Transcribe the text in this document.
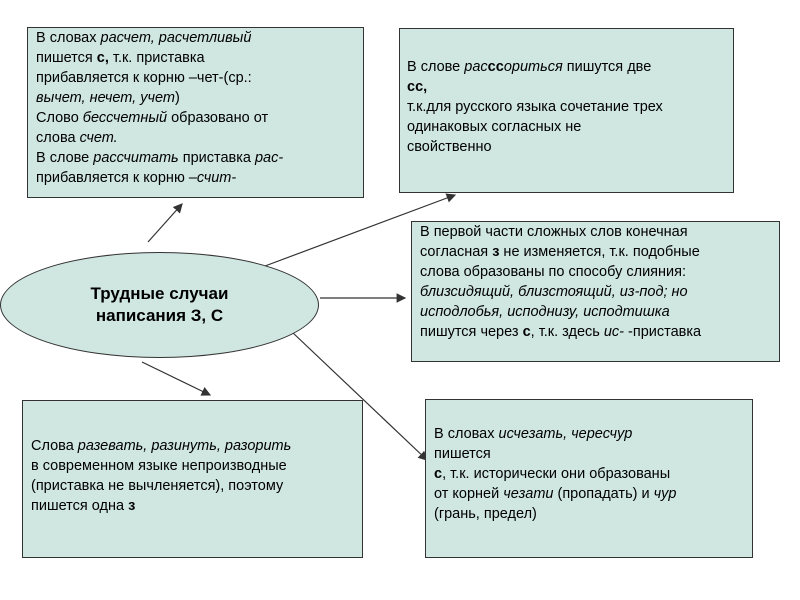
В словах расчет, расчетливый
пишется с, т.к. приставка
прибавляется к корню –чет-(ср.:
вычет, нечет, учет)
Слово бессчетный образовано от
слова счет.
В слове рассчитать приставка рас-
прибавляется к корню –счит-
В слове расссориться пишутся две
сс,
т.к.для русского языка сочетание трех
одинаковых согласных не
свойственно
В первой части сложных слов конечная
согласная з не изменяется, т.к. подобные
слова образованы по способу слияния:
близсидящий, близстоящий, из-под; но
исподлобья, исподнизу, исподтишка
пишутся через с, т.к. здесь ис- -приставка
Слова разевать, разинуть, разорить
в современном языке непроизводные
(приставка не вычленяется), поэтому
пишется одна з
В словах исчезать, чересчур
пишется
с, т.к. исторически они образованы
от корней чезати (пропадать) и чур
(грань, предел)
Трудные случаи
написания З, С
